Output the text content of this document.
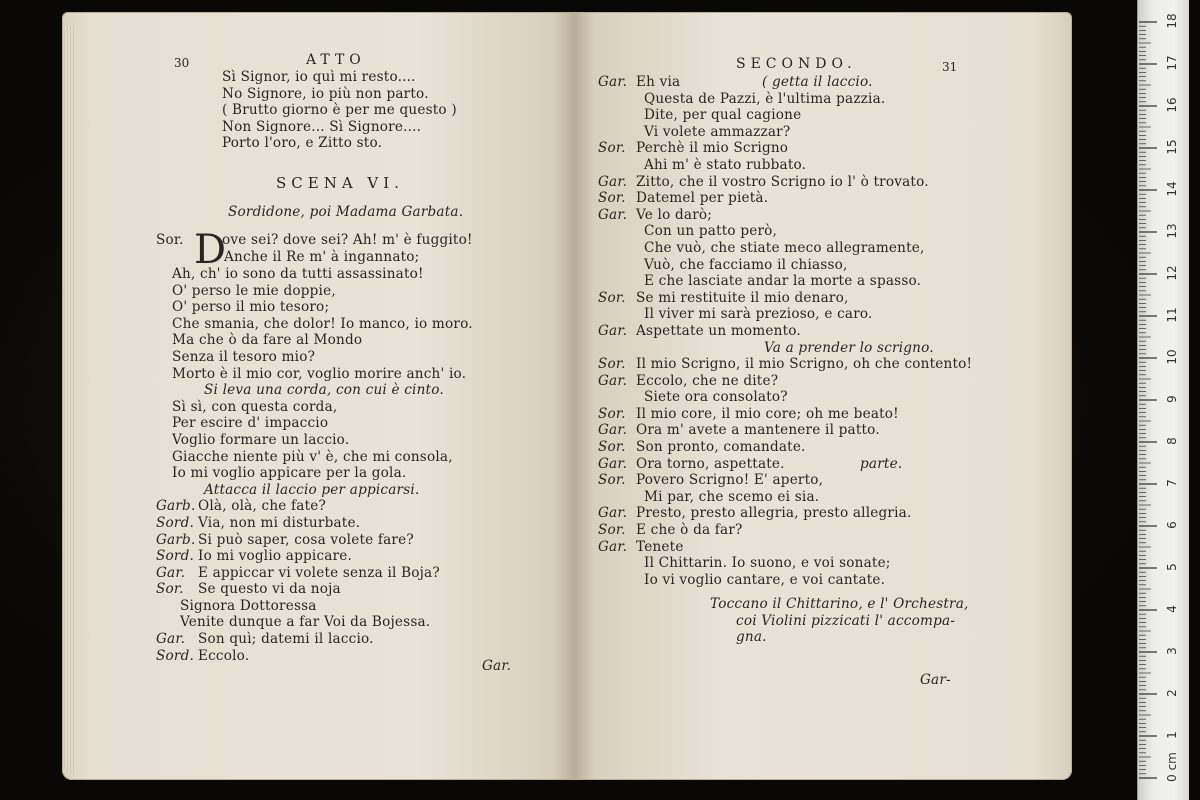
30	ATTO
Sì Signor, io quì mi resto....
No Signore, io più non parto.
( Brutto giorno è per me questo )
Non Signore... Sì Signore....
Porto l'oro, e Zitto sto.
SCENA VI.
Sordidone, poi Madama Garbata.
Sor. D
ove sei? dove sei? Ah! m' è fuggito!
Anche il Re m' à ingannato;
Ah, ch' io sono da tutti assassinato!
O' perso le mie doppie,
O' perso il mio tesoro;
Che smania, che dolor! Io manco, io moro.
Ma che ò da fare al Mondo
Senza il tesoro mio?
Morto è il mio cor, voglio morire anch' io.
Si leva una corda, con cui è cinto.
Sì sì, con questa corda,
Per escire d' impaccio
Voglio formare un laccio.
Giacche niente più v' è, che mi consola,
Io mi voglio appicare per la gola.
Attacca il laccio per appicarsi.
Garb. Olà, olà, che fate?
Sord. Via, non mi disturbate.
Garb. Si può saper, cosa volete fare?
Sord. Io mi voglio appicare.
Gar. E appiccar vi volete senza il Boja?
Sor. Se questo vi da noja
Signora Dottoressa
Venite dunque a far Voi da Bojessa.
Gar. Son quì; datemi il laccio.
Sord. Eccolo.
Gar.
SECONDO.	31
Gar. Eh via	( getta il laccio.
Questa de Pazzi, è l'ultima pazzia.
Dite, per qual cagione
Vi volete ammazzar?
Sor. Perchè il mio Scrigno
Ahi m' è stato rubbato.
Gar. Zitto, che il vostro Scrigno io l' ò trovato.
Sor. Datemel per pietà.
Gar. Ve lo darò;
Con un patto però,
Che vuò, che stiate meco allegramente,
Vuò, che facciamo il chiasso,
E che lasciate andar la morte a spasso.
Sor. Se mi restituite il mio denaro,
Il viver mi sarà prezioso, e caro.
Gar. Aspettate un momento.
Va a prender lo scrigno.
Sor. Il mio Scrigno, il mio Scrigno, oh che contento!
Gar. Eccolo, che ne dite?
Siete ora consolato?
Sor. Il mio core, il mio core; oh me beato!
Gar. Ora m' avete a mantenere il patto.
Sor. Son pronto, comandate.
Gar. Ora torno, aspettate.	parte.
Sor. Povero Scrigno! E' aperto,
Mi par, che scemo ei sia.
Gar. Presto, presto allegria, presto allegria.
Sor. E che ò da far?
Gar. Tenete
Il Chittarin. Io suono, e voi sonate;
Io vi voglio cantare, e voi cantate.
Toccano il Chittarino, e l' Orchestra,
coi Violini pizzicati l' accompa-
gna.
Gar-
0 cm
1
2
3
4
5
6
7
8
9
10
11
12
13
14
15
16
17
18
